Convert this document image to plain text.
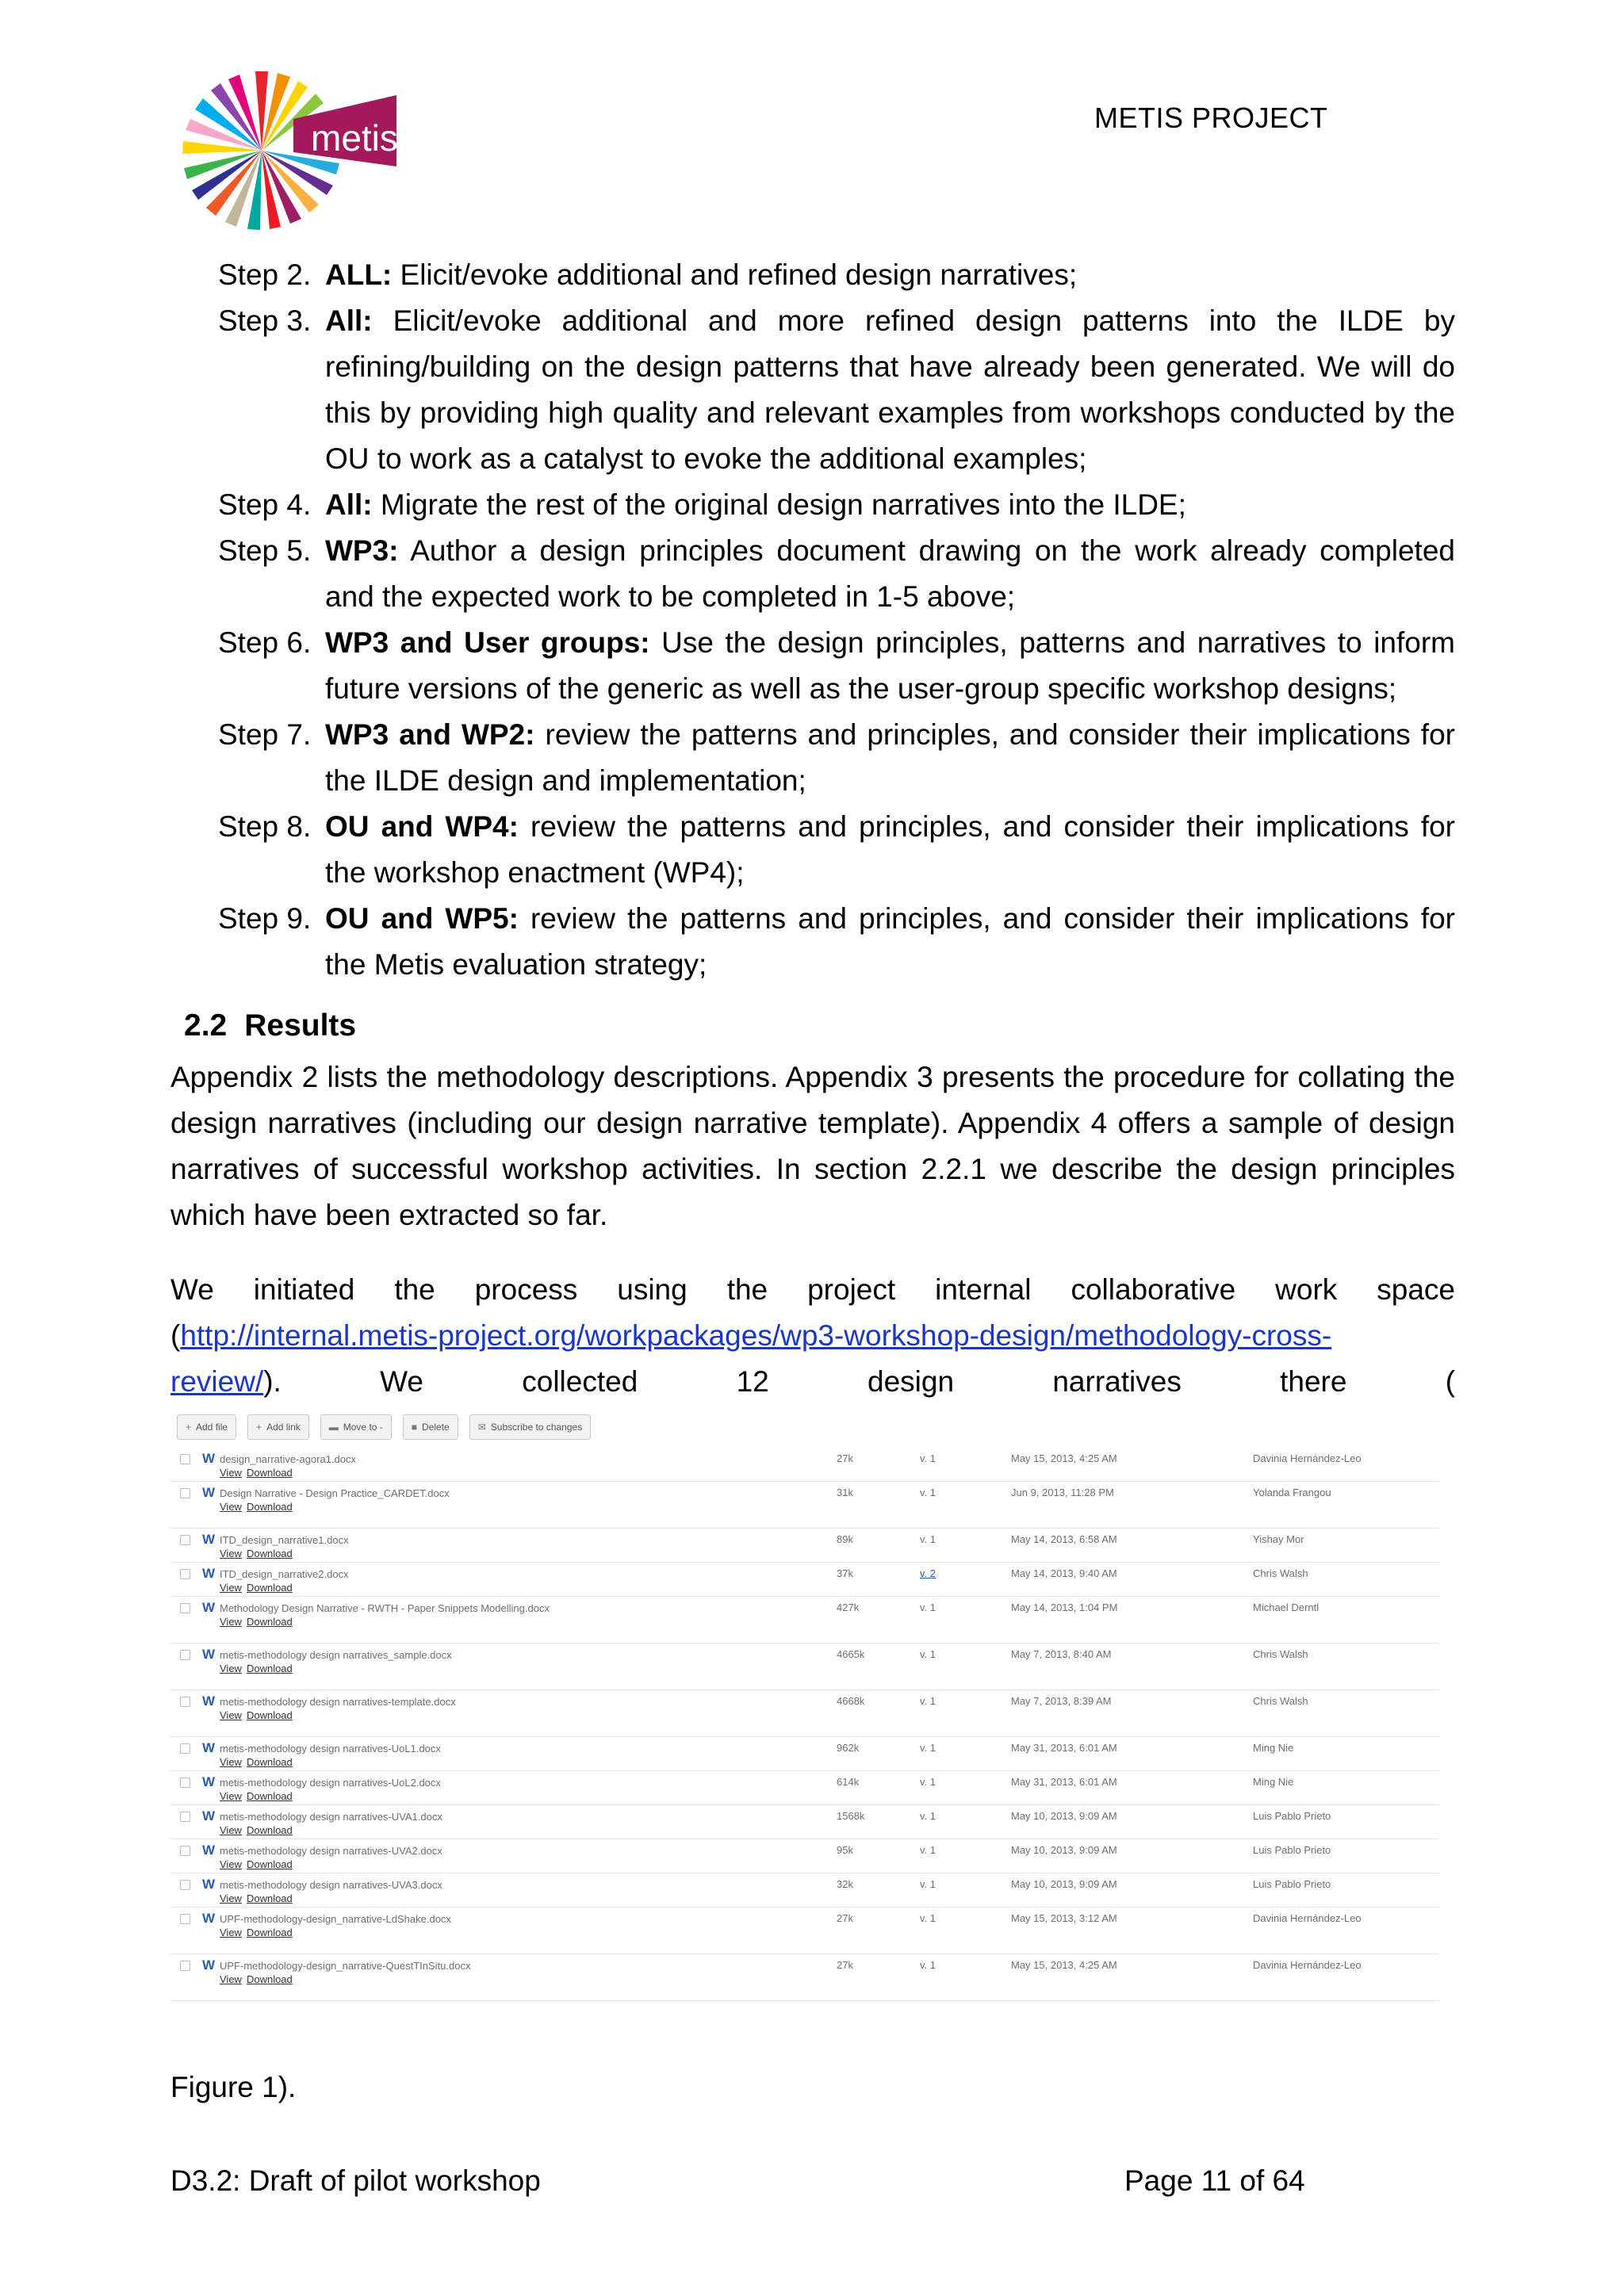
metis	METIS PROJECT
Step 2. ALL: Elicit/evoke additional and refined design narratives;
Step 3. All: Elicit/evoke additional and more refined design patterns into the ILDE by refining/building on the design patterns that have already been generated. We will do this by providing high quality and relevant examples from workshops conducted by the OU to work as a catalyst to evoke the additional examples;
Step 4. All: Migrate the rest of the original design narratives into the ILDE;
Step 5. WP3: Author a design principles document drawing on the work already completed and the expected work to be completed in 1-5 above;
Step 6. WP3 and User groups: Use the design principles, patterns and narratives to inform future versions of the generic as well as the user-group specific workshop designs;
Step 7. WP3 and WP2: review the patterns and principles, and consider their implications for the ILDE design and implementation;
Step 8. OU and WP4: review the patterns and principles, and consider their implications for the workshop enactment (WP4);
Step 9. OU and WP5: review the patterns and principles, and consider their implications for the Metis evaluation strategy;
2.2 Results
Appendix 2 lists the methodology descriptions. Appendix 3 presents the procedure for collating the design narratives (including our design narrative template). Appendix 4 offers a sample of design narratives of successful workshop activities. In section 2.2.1 we describe the design principles which have been extracted so far.
We initiated the process using the project internal collaborative work space
(http://internal.metis-project.org/workpackages/wp3-workshop-design/methodology-cross-
review/).	We	collected	12	design	narratives	there	(
+ Add file	+ Add link	▬ Move to -	■ Delete	✉ Subscribe to changes
W design_narrative-agora1.docx
View Download
27k	v. 1	May 15, 2013, 4:25 AM	Davinia Hernández-Leo
W Design Narrative - Design Practice_CARDET.docx
View Download
31k	v. 1	Jun 9, 2013, 11:28 PM	Yolanda Frangou
W ITD_design_narrative1.docx
View Download
89k	v. 1	May 14, 2013, 6:58 AM	Yishay Mor
W ITD_design_narrative2.docx
View Download
37k	v. 2	May 14, 2013, 9:40 AM	Chris Walsh
W Methodology Design Narrative - RWTH - Paper Snippets Modelling.docx
View Download
427k	v. 1	May 14, 2013, 1:04 PM	Michael Derntl
W metis-methodology design narratives_sample.docx
View Download
4665k	v. 1	May 7, 2013, 8:40 AM	Chris Walsh
W metis-methodology design narratives-template.docx
View Download
4668k	v. 1	May 7, 2013, 8:39 AM	Chris Walsh
W metis-methodology design narratives-UoL1.docx
View Download
962k	v. 1	May 31, 2013, 6:01 AM	Ming Nie
W metis-methodology design narratives-UoL2.docx
View Download
614k	v. 1	May 31, 2013, 6:01 AM	Ming Nie
W metis-methodology design narratives-UVA1.docx
View Download
1568k	v. 1	May 10, 2013, 9:09 AM	Luis Pablo Prieto
W metis-methodology design narratives-UVA2.docx
View Download
95k	v. 1	May 10, 2013, 9:09 AM	Luis Pablo Prieto
W metis-methodology design narratives-UVA3.docx
View Download
32k	v. 1	May 10, 2013, 9:09 AM	Luis Pablo Prieto
W UPF-methodology-design_narrative-LdShake.docx
View Download
27k	v. 1	May 15, 2013, 3:12 AM	Davinia Hernández-Leo
W UPF-methodology-design_narrative-QuestTInSitu.docx
View Download
27k	v. 1	May 15, 2013, 4:25 AM	Davinia Hernández-Leo
Figure 1).
D3.2: Draft of pilot workshop	Page 11 of 64
